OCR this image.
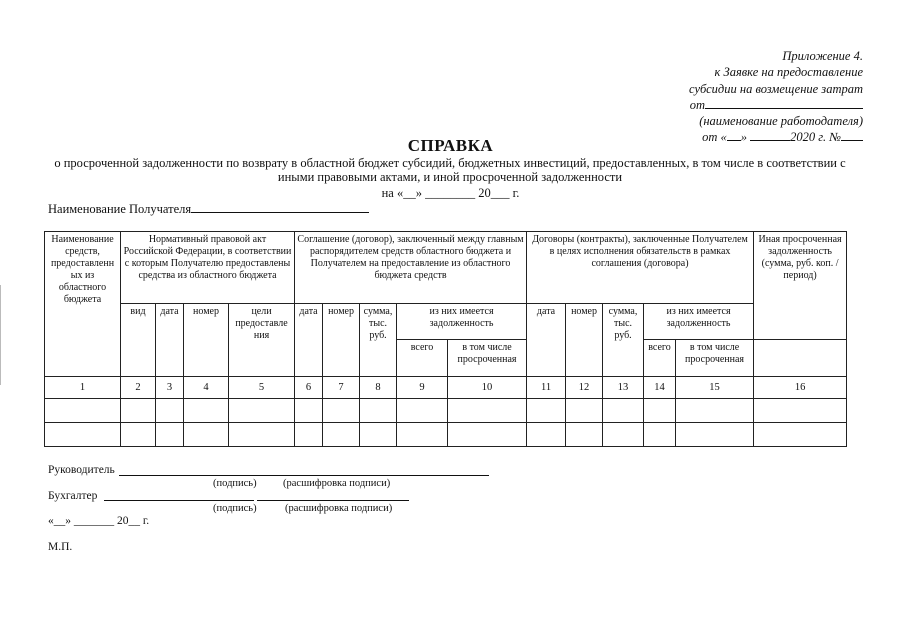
Приложение 4.
к Заявке на предоставление
субсидии на возмещение затрат
от
(наименование работодателя)
от « »	2020 г. №
СПРАВКА
о просроченной задолженности по возврату в областной бюджет субсидий, бюджетных инвестиций, предоставленных, в том числе в соответствии с иными правовыми актами, и иной просроченной задолженности
на «__» ________ 20___ г.
Наименование Получателя
Наименование средств, предоставленн ых из областного бюджета	Нормативный правовой акт Российской Федерации, в соответствии с которым Получателю предоставлены средства из областного бюджета				Соглашение (договор), заключенный между главным распорядителем средств областного бюджета и Получателем на предоставление из областного бюджета средств					Договоры (контракты), заключенные Получателем в целях исполнения обязательств в рамках соглашения (договора)					Иная просроченная задолженность (сумма, руб. коп. /период)
	вид	дата	номер	цели предоставле ния	дата	номер	сумма, тыс. руб.	из них имеется задолженность		дата	номер	сумма, тыс. руб.	из них имеется задолженность		
								всего	в том числе просроченная				всего	в том числе просроченная	
1	2	3	4	5	6	7	8	9	10	11	12	13	14	15	16

Руководитель
(подпись)	(расшифровка подписи)
Бухгалтер
(подпись)	(расшифровка подписи)
«__» _______ 20__ г.
М.П.
